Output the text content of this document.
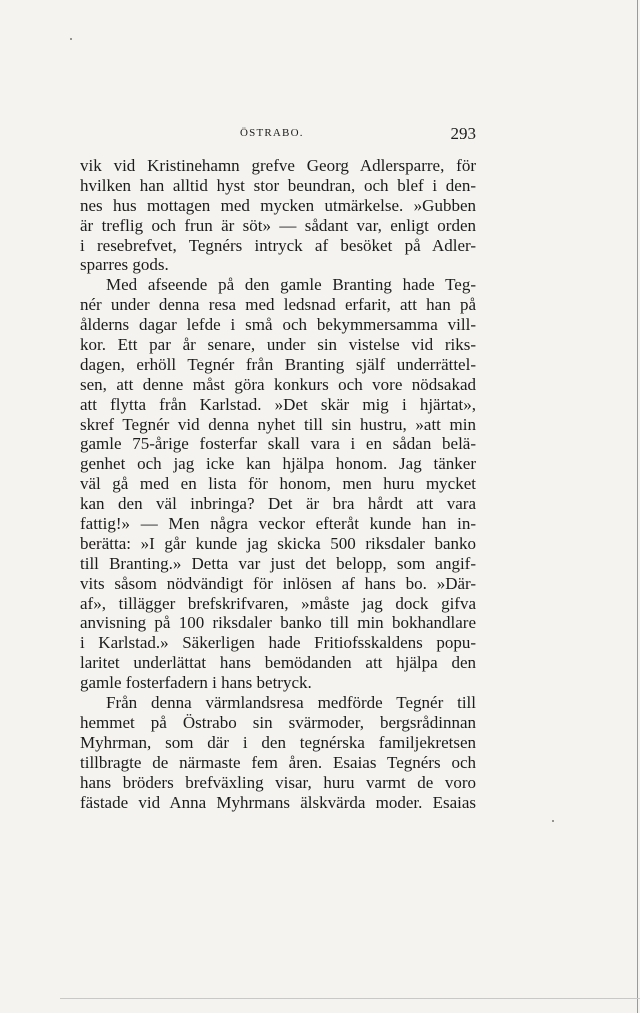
ÖSTRABO.	293
vik vid Kristinehamn grefve Georg Adlersparre, för
hvilken han alltid hyst stor beundran, och blef i den-
nes hus mottagen med mycken utmärkelse. »Gubben
är treflig och frun är söt» — sådant var, enligt orden
i resebrefvet, Tegnérs intryck af besöket på Adler-
sparres gods.
Med afseende på den gamle Branting hade Teg-
nér under denna resa med ledsnad erfarit, att han på
ålderns dagar lefde i små och bekymmersamma vill-
kor. Ett par år senare, under sin vistelse vid riks-
dagen, erhöll Tegnér från Branting själf underrättel-
sen, att denne måst göra konkurs och vore nödsakad
att flytta från Karlstad. »Det skär mig i hjärtat»,
skref Tegnér vid denna nyhet till sin hustru, »att min
gamle 75-årige fosterfar skall vara i en sådan belä-
genhet och jag icke kan hjälpa honom. Jag tänker
väl gå med en lista för honom, men huru mycket
kan den väl inbringa? Det är bra hårdt att vara
fattig!» — Men några veckor efteråt kunde han in-
berätta: »I går kunde jag skicka 500 riksdaler banko
till Branting.» Detta var just det belopp, som angif-
vits såsom nödvändigt för inlösen af hans bo. »Där-
af», tillägger brefskrifvaren, »måste jag dock gifva
anvisning på 100 riksdaler banko till min bokhandlare
i Karlstad.» Säkerligen hade Fritiofsskaldens popu-
laritet underlättat hans bemödanden att hjälpa den
gamle fosterfadern i hans betryck.
Från denna värmlandsresa medförde Tegnér till
hemmet på Östrabo sin svärmoder, bergsrådinnan
Myhrman, som där i den tegnérska familjekretsen
tillbragte de närmaste fem åren. Esaias Tegnérs och
hans bröders brefväxling visar, huru varmt de voro
fästade vid Anna Myhrmans älskvärda moder. Esaias
